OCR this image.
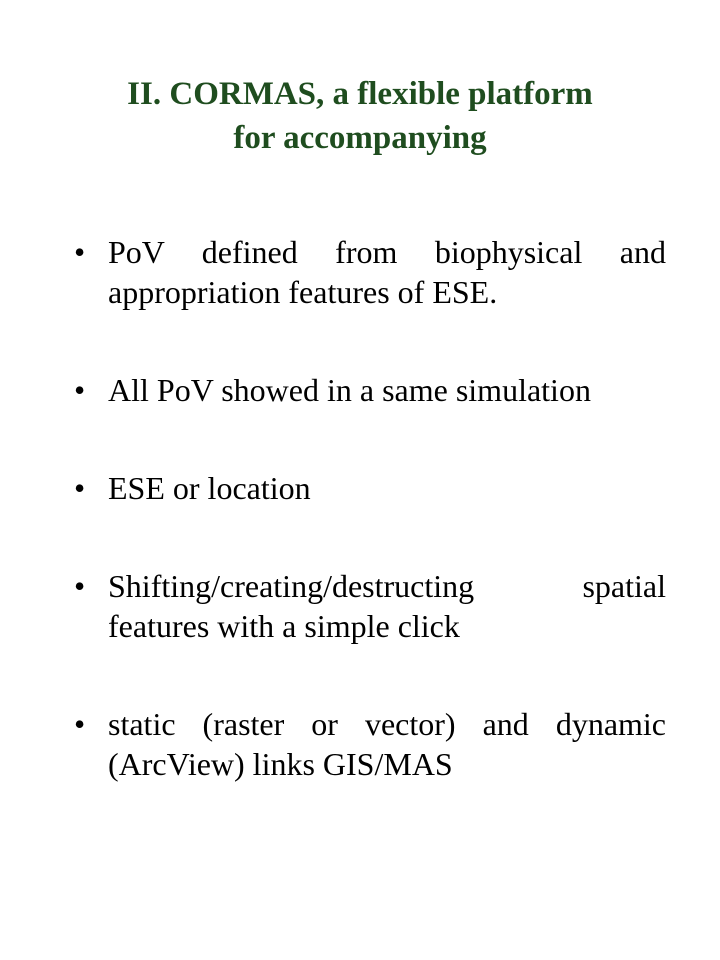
II. CORMAS, a flexible platform
for accompanying
• PoV defined from biophysical and appropriation features of ESE.
• All PoV showed in a same simulation
• ESE or location
• Shifting/creating/destructing spatial features with a simple click
• static (raster or vector) and dynamic (ArcView) links GIS/MAS
